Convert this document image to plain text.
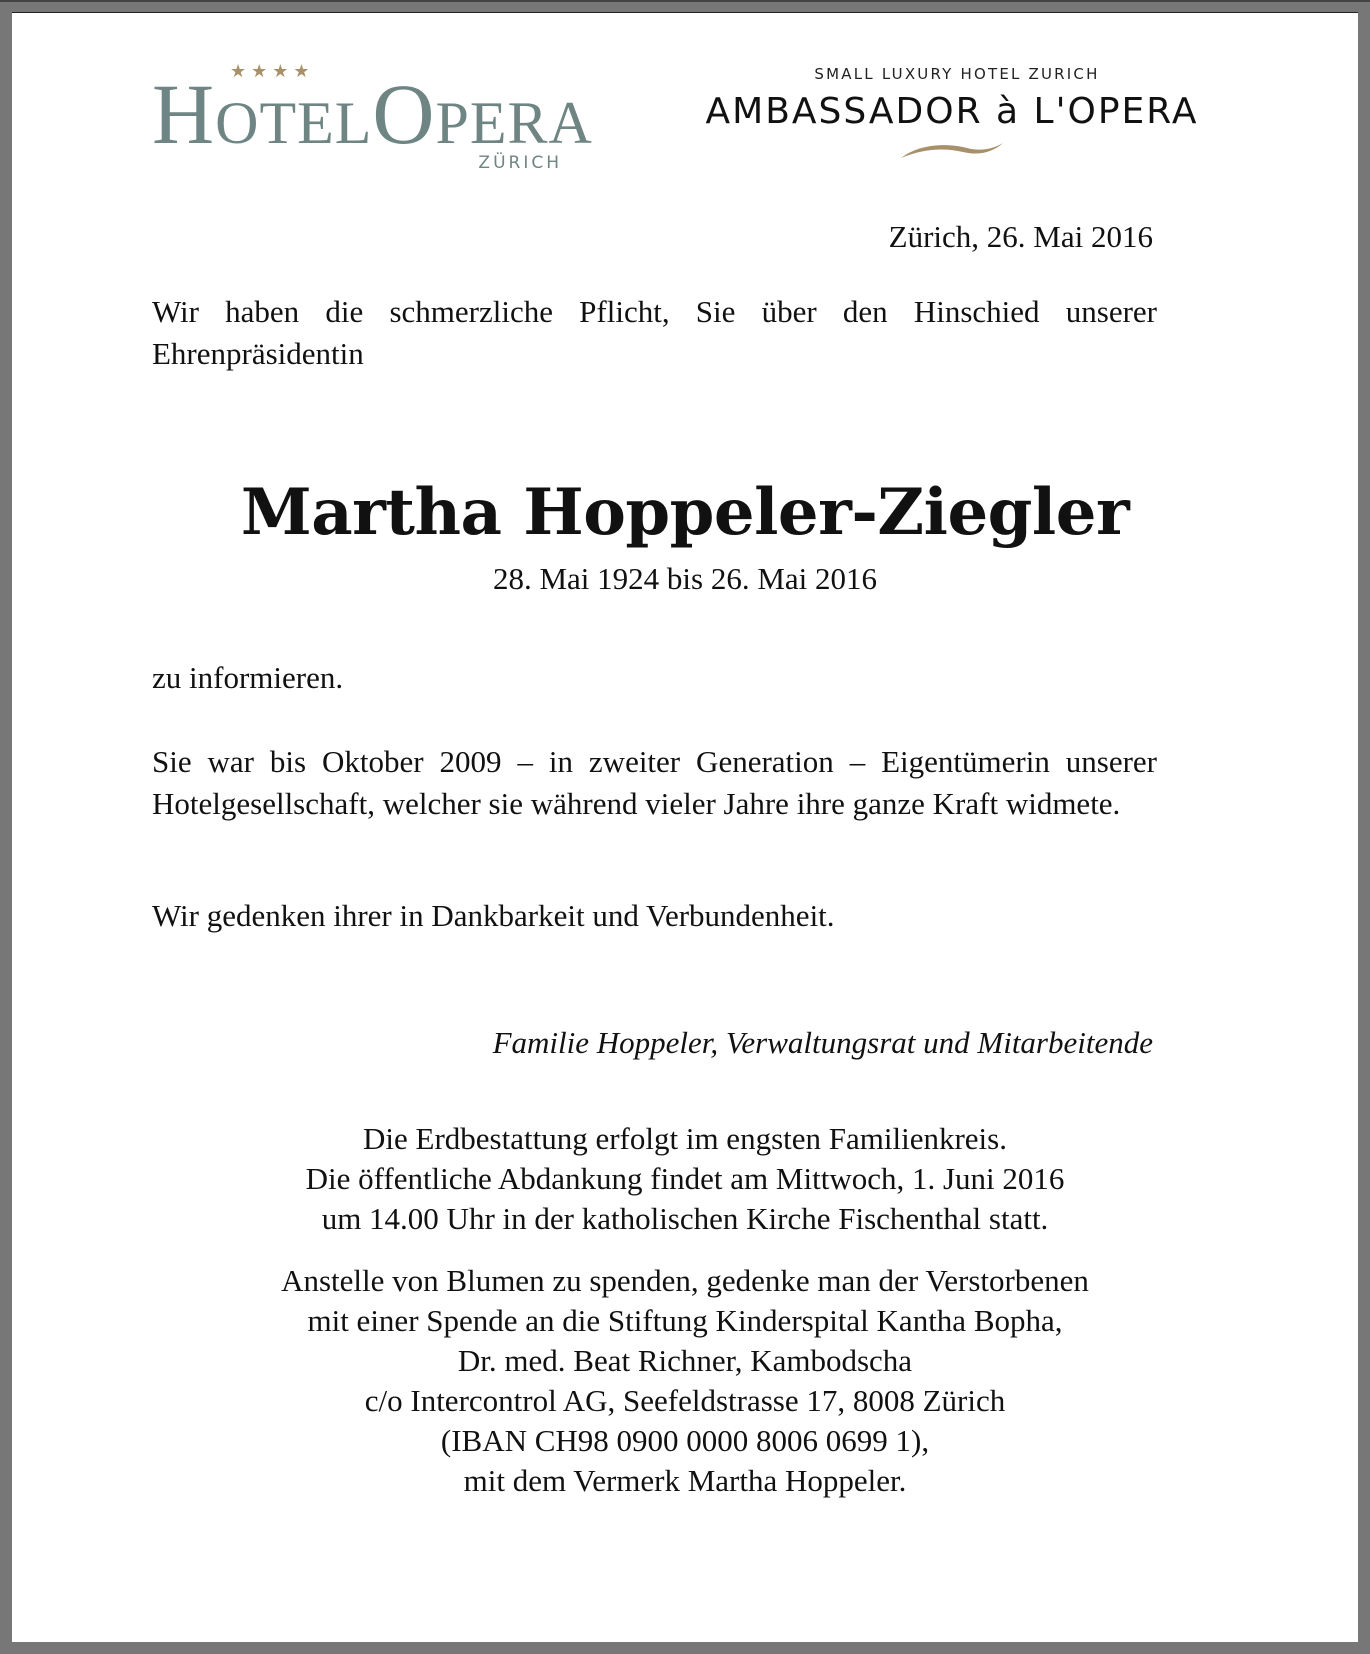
★★★★
HOTELOPERA
ZÜRICH
SMALL LUXURY HOTEL ZURICH
AMBASSADOR à L'OPERA
Zürich, 26. Mai 2016
Wir haben die schmerzliche Pflicht, Sie über den Hinschied unserer Ehrenpräsidentin
Martha Hoppeler-Ziegler
28. Mai 1924 bis 26. Mai 2016
zu informieren.
Sie war bis Oktober 2009 – in zweiter Generation – Eigentümerin unserer Hotelgesellschaft, welcher sie während vieler Jahre ihre ganze Kraft widmete.
Wir gedenken ihrer in Dankbarkeit und Verbundenheit.
Familie Hoppeler, Verwaltungsrat und Mitarbeitende
Die Erdbestattung erfolgt im engsten Familienkreis.
Die öffentliche Abdankung findet am Mittwoch, 1. Juni 2016
um 14.00 Uhr in der katholischen Kirche Fischenthal statt.
Anstelle von Blumen zu spenden, gedenke man der Verstorbenen
mit einer Spende an die Stiftung Kinderspital Kantha Bopha,
Dr. med. Beat Richner, Kambodscha
c/o Intercontrol AG, Seefeldstrasse 17, 8008 Zürich
(IBAN CH98 0900 0000 8006 0699 1),
mit dem Vermerk Martha Hoppeler.
